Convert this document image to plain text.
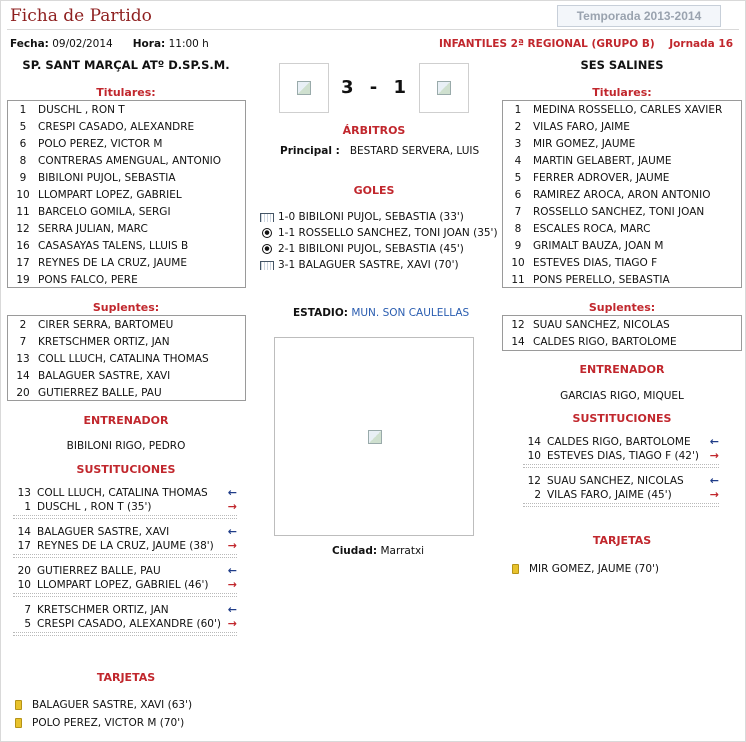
Ficha de Partido	Temporada 2013-2014
Fecha: 09/02/2014 Hora: 11:00 h	INFANTILES 2ª REGIONAL (GRUPO B) Jornada 16
SP. SANT MARÇAL ATº D.SP.S.M.	SES SALINES
3 - 1
Titulares:
1 DUSCHL , RON T
5 CRESPI CASADO, ALEXANDRE
6 POLO PEREZ, VICTOR M
8 CONTRERAS AMENGUAL, ANTONIO
9 BIBILONI PUJOL, SEBASTIA
10 LLOMPART LOPEZ, GABRIEL
11 BARCELO GOMILA, SERGI
12 SERRA JULIAN, MARC
16 CASASAYAS TALENS, LLUIS B
17 REYNES DE LA CRUZ, JAUME
19 PONS FALCO, PERE
Suplentes:
2 CIRER SERRA, BARTOMEU
7 KRETSCHMER ORTIZ, JAN
13 COLL LLUCH, CATALINA THOMAS
14 BALAGUER SASTRE, XAVI
20 GUTIERREZ BALLE, PAU
ENTRENADOR
BIBILONI RIGO, PEDRO
SUSTITUCIONES
13 COLL LLUCH, CATALINA THOMAS ←
1 DUSCHL , RON T (35')	→
14 BALAGUER SASTRE, XAVI	←
17 REYNES DE LA CRUZ, JAUME (38') →
20 GUTIERREZ BALLE, PAU	←
10 LLOMPART LOPEZ, GABRIEL (46') →
7 KRETSCHMER ORTIZ, JAN	←
5 CRESPI CASADO, ALEXANDRE (60') →
TARJETAS
BALAGUER SASTRE, XAVI (63')
POLO PEREZ, VICTOR M (70')
ÁRBITROS
Principal : BESTARD SERVERA, LUIS
GOLES
1-0 BIBILONI PUJOL, SEBASTIA (33')
1-1 ROSSELLO SANCHEZ, TONI JOAN (35')
2-1 BIBILONI PUJOL, SEBASTIA (45')
3-1 BALAGUER SASTRE, XAVI (70')
ESTADIO: MUN. SON CAULELLAS
Ciudad: Marratxi
Titulares:
1 MEDINA ROSSELLO, CARLES XAVIER
2 VILAS FARO, JAIME
3 MIR GOMEZ, JAUME
4 MARTIN GELABERT, JAUME
5 FERRER ADROVER, JAUME
6 RAMIREZ AROCA, ARON ANTONIO
7 ROSSELLO SANCHEZ, TONI JOAN
8 ESCALES ROCA, MARC
9 GRIMALT BAUZA, JOAN M
10 ESTEVES DIAS, TIAGO F
11 PONS PERELLO, SEBASTIA
Suplentes:
12 SUAU SANCHEZ, NICOLAS
14 CALDES RIGO, BARTOLOME
ENTRENADOR
GARCIAS RIGO, MIQUEL
SUSTITUCIONES
14 CALDES RIGO, BARTOLOME ←
10 ESTEVES DIAS, TIAGO F (42') →
12 SUAU SANCHEZ, NICOLAS ←
2 VILAS FARO, JAIME (45')	→
TARJETAS
MIR GOMEZ, JAUME (70')
